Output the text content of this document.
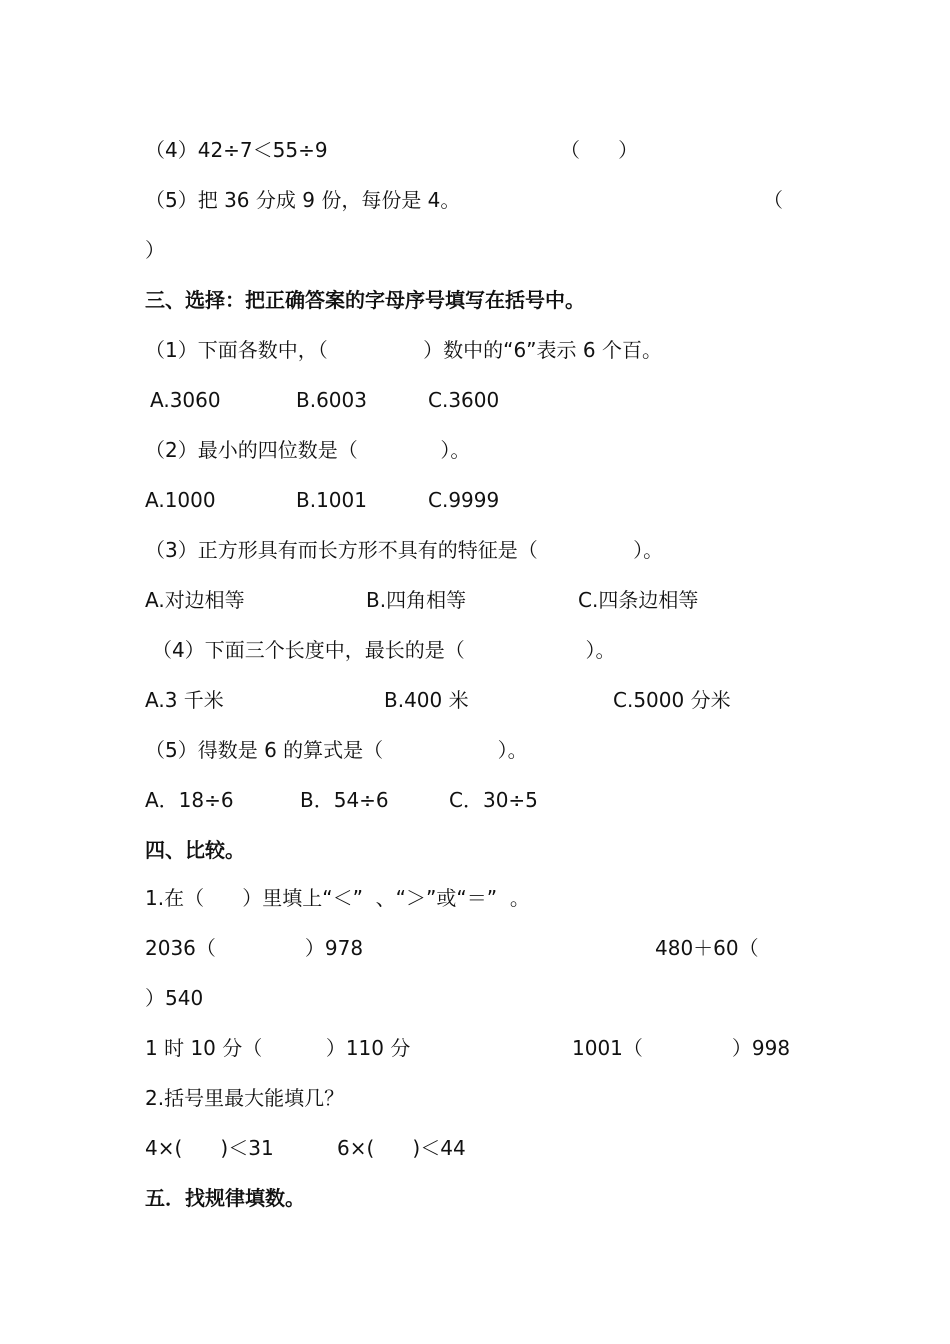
（4）42÷7＜55÷9	（      ）
（5）把 36 分成 9 份，每份是 4。	（
）
三、选择：把正确答案的字母序号填写在括号中。
（1）下面各数中，（               ）数中的“6”表示 6 个百。
A.3060	B.6003	C.3600
（2）最小的四位数是（             ）。
A.1000	B.1001	C.9999
（3）正方形具有而长方形不具有的特征是（               ）。
A.对边相等	B.四角相等	C.四条边相等
（4）下面三个长度中，最长的是（                   ）。
A.3 千米	B.400 米	C.5000 分米
（5）得数是 6 的算式是（                  ）。
A．18÷6	B．54÷6	C．30÷5
四、比较。
1.在（      ）里填上“＜”  、“＞”或“＝”  。
2036（              ）978	480＋60（
）540
1 时 10 分（          ）110 分	1001（              ）998
2.括号里最大能填几？
4×(      )＜31	6×(      )＜44
五．找规律填数。
